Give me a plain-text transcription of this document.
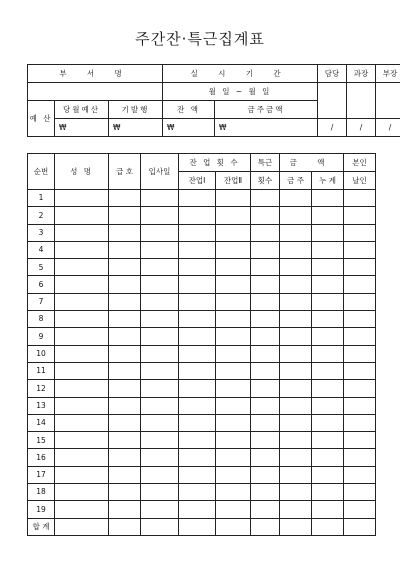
주간잔·특근집계표
부 서 명			실 시 기 간		담당	과장	부장
			월 일 ~ 월 일				
예 산	당월예산	기발행	잔 액	금주금액			
	₩	₩	₩	₩	/	/	/
순번	성 명	급 호	입사일	잔 업 횟 수		특근	금 액		본인
				잔업Ⅰ	잔업Ⅱ	횟수	금 주	누 계	날인
1									
2									
3									
4									
5									
6									
7									
8									
9									
10									
11									
12									
13									
14									
15									
16									
17									
18									
19									
합 계									
